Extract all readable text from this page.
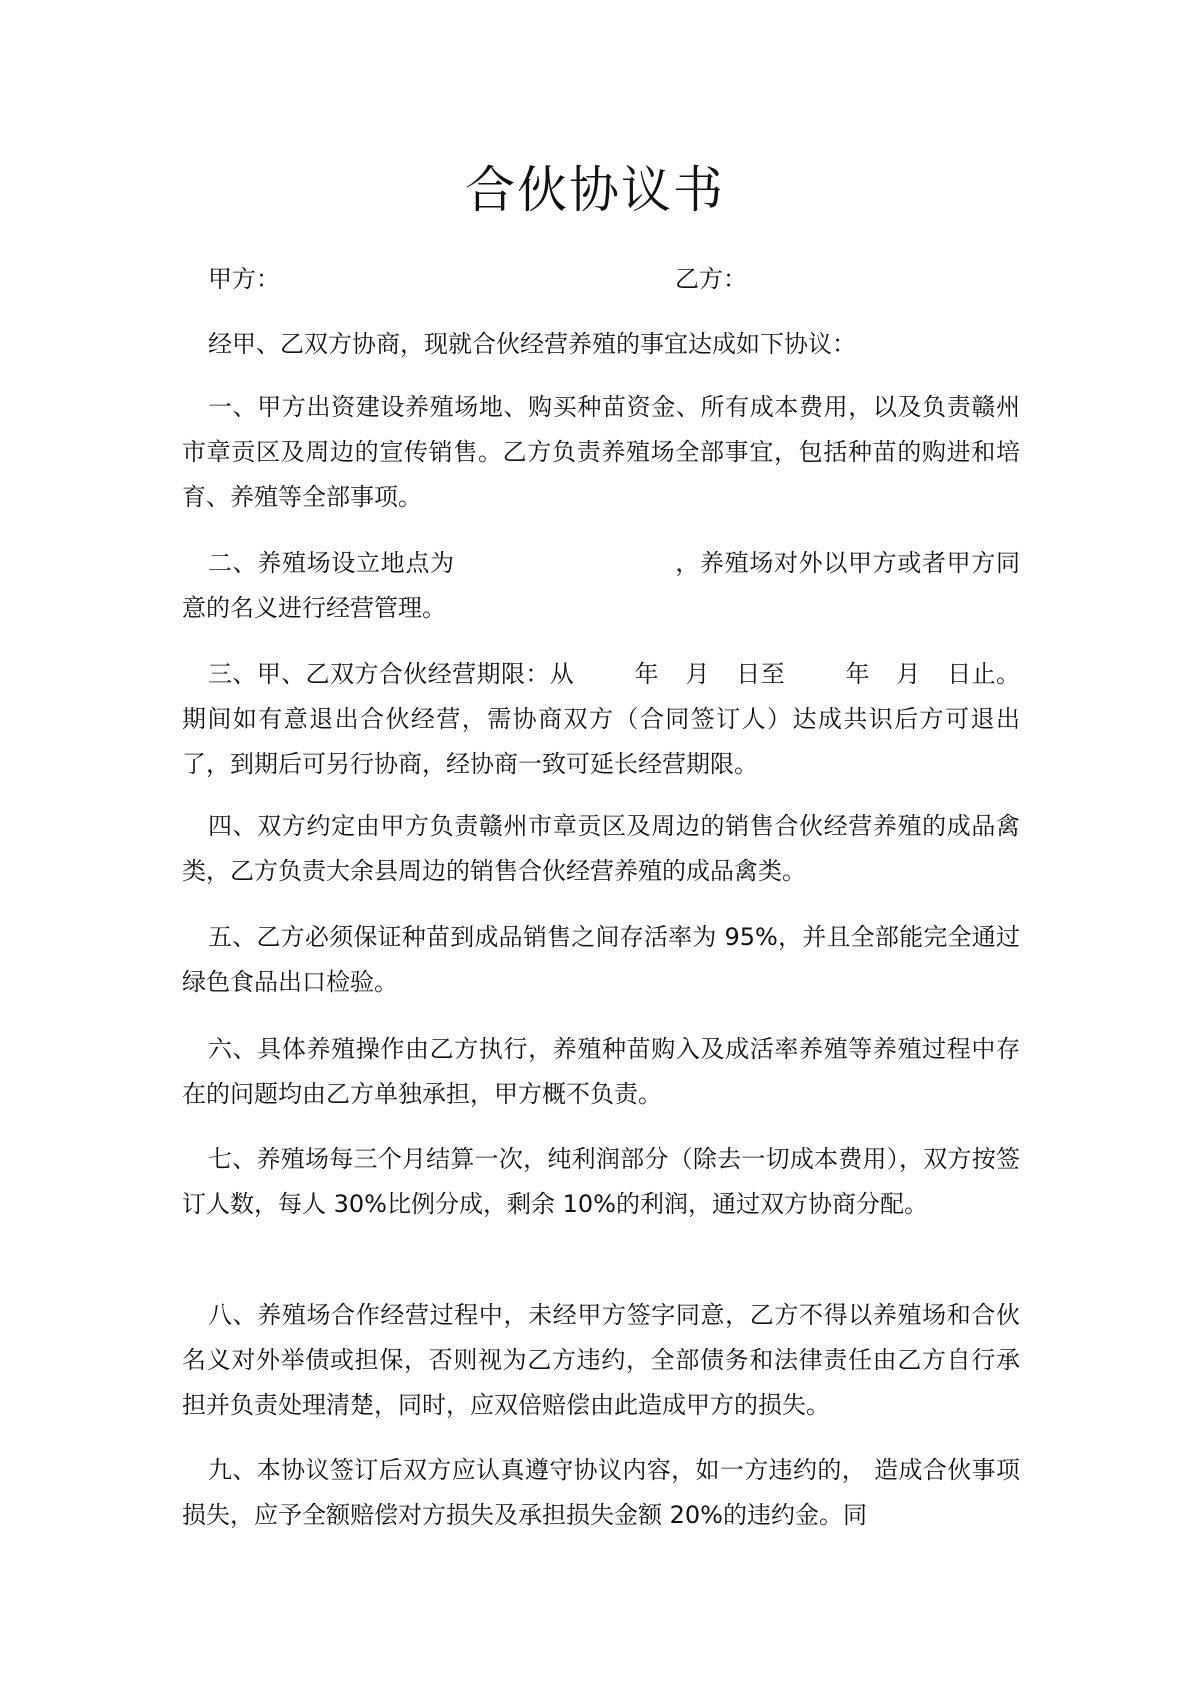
合伙协议书
甲方：	乙方：

经甲、乙双方协商，现就合伙经营养殖的事宜达成如下协议：

一、甲方出资建设养殖场地、购买种苗资金、所有成本费用，以及负责赣州市章贡区及周边的宣传销售。乙方负责养殖场全部事宜，包括种苗的购进和培育、养殖等全部事项。

二、养殖场设立地点为	，养殖场对外以甲方或者甲方同意的名义进行经营管理。

三、甲、乙双方合伙经营期限：从	年 月 日至	年 月 日止。期间如有意退出合伙经营，需协商双方（合同签订人）达成共识后方可退出了，到期后可另行协商，经协商一致可延长经营期限。

四、双方约定由甲方负责赣州市章贡区及周边的销售合伙经营养殖的成品禽类，乙方负责大余县周边的销售合伙经营养殖的成品禽类。

五、乙方必须保证种苗到成品销售之间存活率为 95%，并且全部能完全通过绿色食品出口检验。

六、具体养殖操作由乙方执行，养殖种苗购入及成活率养殖等养殖过程中存在的问题均由乙方单独承担，甲方概不负责。

七、养殖场每三个月结算一次，纯利润部分（除去一切成本费用），双方按签订人数，每人 30%比例分成，剩余 10%的利润，通过双方协商分配。

八、养殖场合作经营过程中，未经甲方签字同意，乙方不得以养殖场和合伙名义对外举债或担保，否则视为乙方违约，全部债务和法律责任由乙方自行承担并负责处理清楚，同时，应双倍赔偿由此造成甲方的损失。

九、本协议签订后双方应认真遵守协议内容，如一方违约的， 造成合伙事项损失，应予全额赔偿对方损失及承担损失金额 20%的违约金。同
